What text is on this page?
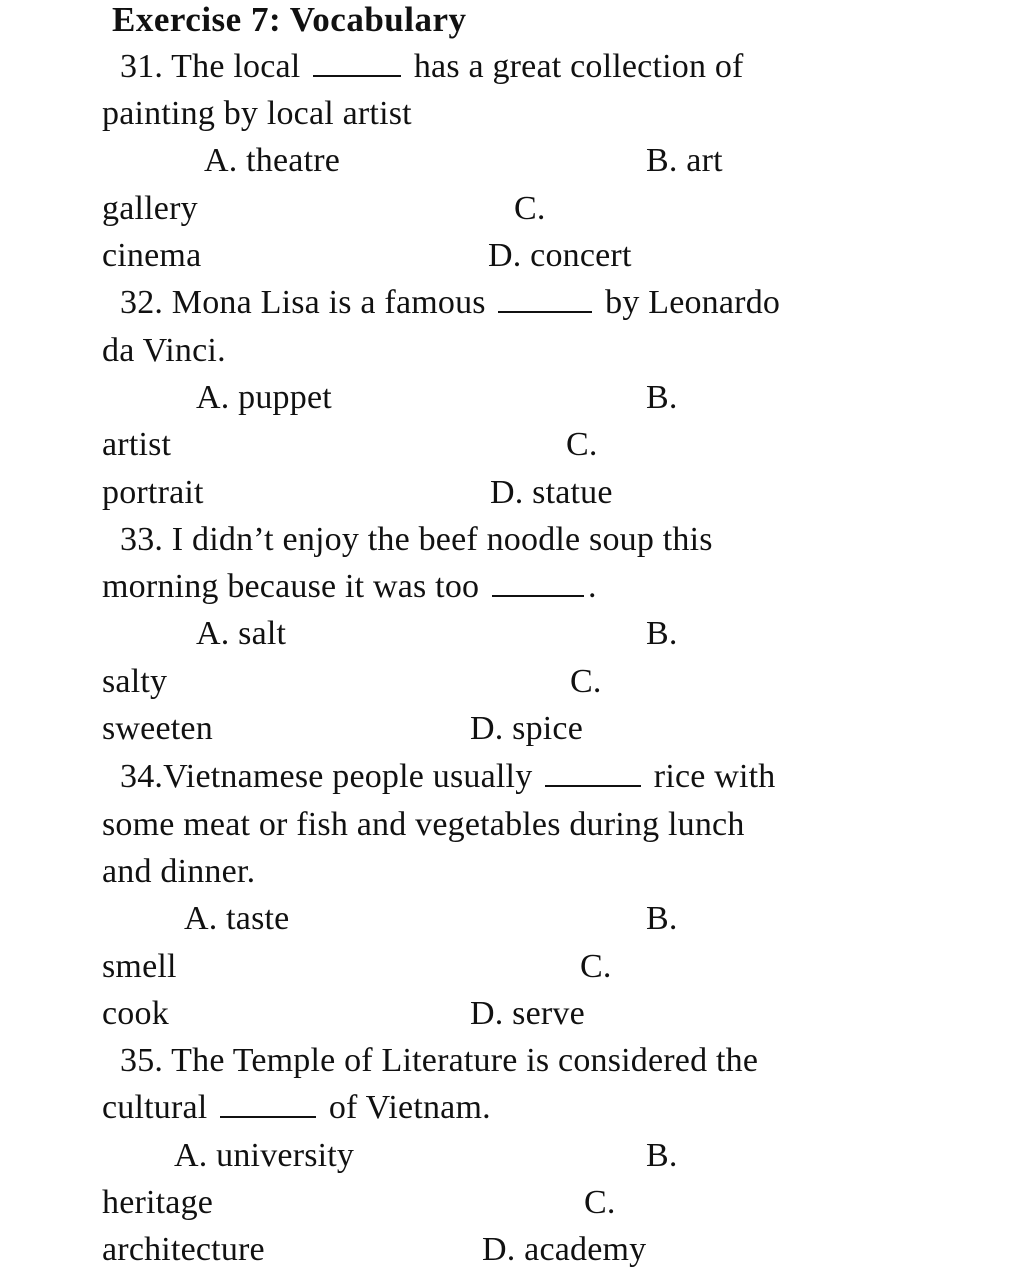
Exercise 7: Vocabulary
31. The local	has a great collection of
painting by local artist
A. theatre	B. art
gallery	C.
cinema	D. concert
32. Mona Lisa is a famous	by Leonardo
da Vinci.
A. puppet	B.
artist	C.
portrait	D. statue
33. I didn’t enjoy the beef noodle soup this
morning because it was too	.
A. salt	B.
salty	C.
sweeten	D. spice
34.Vietnamese people usually	rice with
some meat or fish and vegetables during lunch
and dinner.
A. taste	B.
smell	C.
cook	D. serve
35. The Temple of Literature is considered the
cultural	of Vietnam.
A. university	B.
heritage	C.
architecture	D. academy
